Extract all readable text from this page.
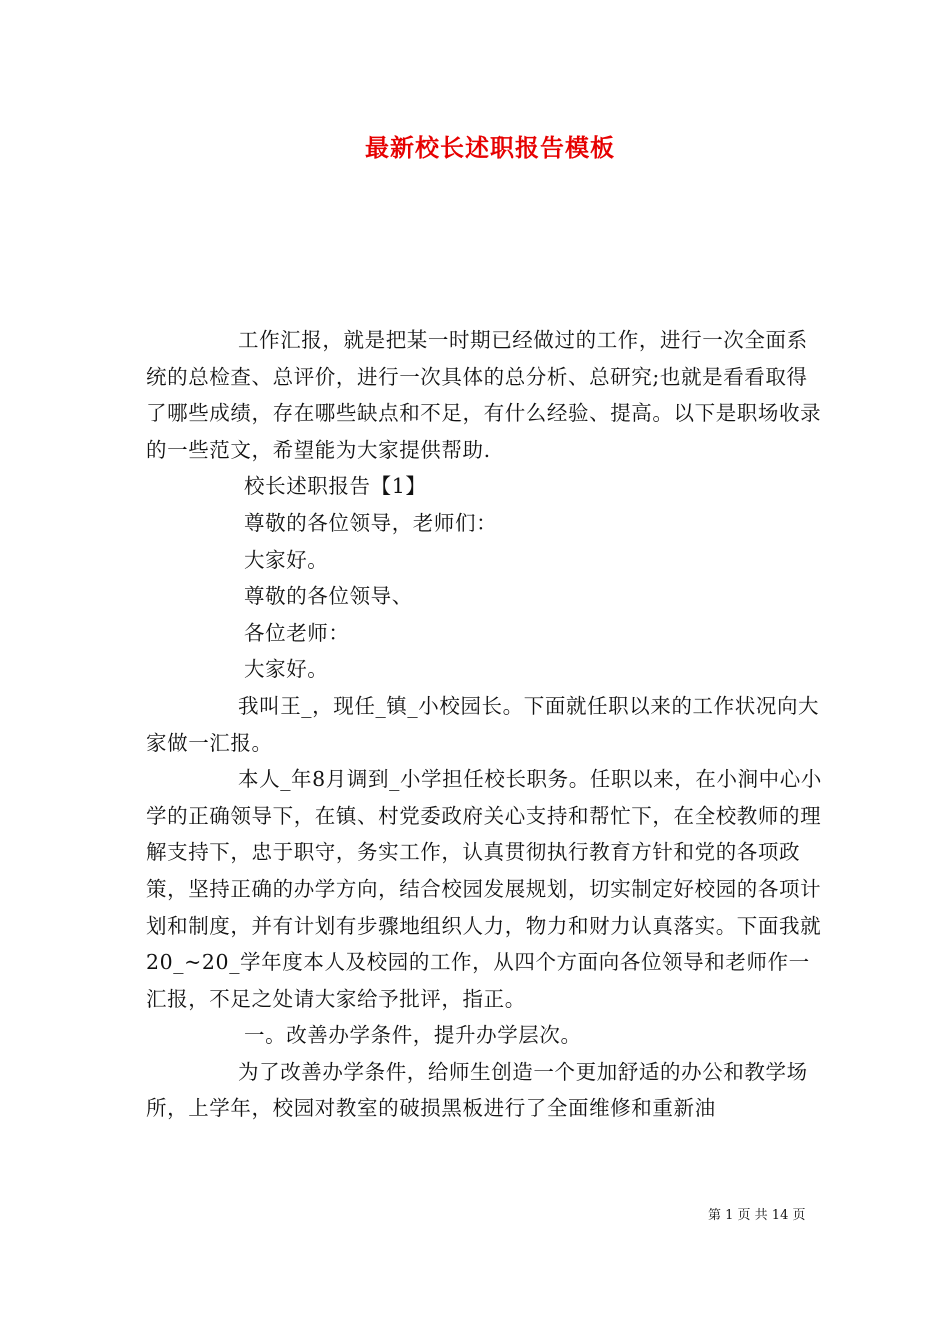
最新校长述职报告模板

工作汇报，就是把某一时期已经做过的工作，进行一次全面系统的总检查、总评价，进行一次具体的总分析、总研究;也就是看看取得了哪些成绩，存在哪些缺点和不足，有什么经验、提高。以下是职场收录的一些范文，希望能为大家提供帮助.

校长述职报告【1】

尊敬的各位领导，老师们：

大家好。

尊敬的各位领导、

各位老师：

大家好。

我叫王_，现任_镇_小校园长。下面就任职以来的工作状况向大家做一汇报。

本人_年8月调到_小学担任校长职务。任职以来，在小涧中心小学的正确领导下，在镇、村党委政府关心支持和帮忙下，在全校教师的理解支持下，忠于职守，务实工作，认真贯彻执行教育方针和党的各项政策，坚持正确的办学方向，结合校园发展规划，切实制定好校园的各项计划和制度，并有计划有步骤地组织人力，物力和财力认真落实。下面我就20_~20_学年度本人及校园的工作，从四个方面向各位领导和老师作一汇报，不足之处请大家给予批评，指正。

一。改善办学条件，提升办学层次。

为了改善办学条件，给师生创造一个更加舒适的办公和教学场所，上学年，校园对教室的破损黑板进行了全面维修和重新油

第 1 页 共 14 页
